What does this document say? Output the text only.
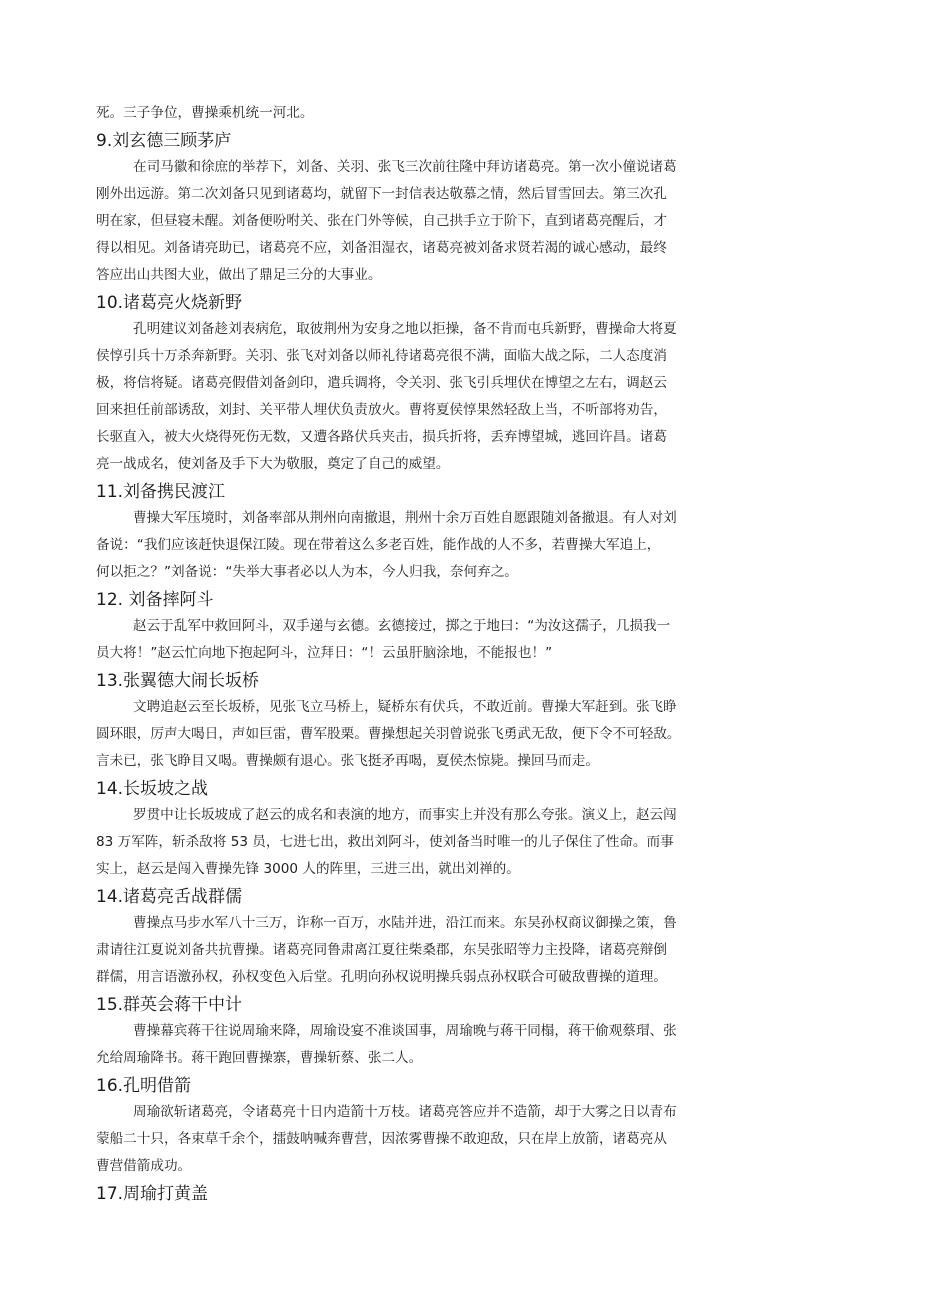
死。三子争位，曹操乘机统一河北。
9.刘玄德三顾茅庐
在司马徽和徐庶的举荐下，刘备、关羽、张飞三次前往隆中拜访诸葛亮。第一次小僮说诸葛
刚外出远游。第二次刘备只见到诸葛均，就留下一封信表达敬慕之情，然后冒雪回去。第三次孔
明在家，但昼寝未醒。刘备便吩咐关、张在门外等候，自己拱手立于阶下，直到诸葛亮醒后，才
得以相见。刘备请亮助已，诸葛亮不应，刘备泪湿衣，诸葛亮被刘备求贤若渴的诚心感动，最终
答应出山共图大业，做出了鼎足三分的大事业。
10.诸葛亮火烧新野
孔明建议刘备趁刘表病危，取彼荆州为安身之地以拒操，备不肯而屯兵新野，曹操命大将夏
侯惇引兵十万杀奔新野。关羽、张飞对刘备以师礼待诸葛亮很不满，面临大战之际，二人态度消
极，将信将疑。诸葛亮假借刘备剑印，遣兵调将，令关羽、张飞引兵埋伏在博望之左右，调赵云
回来担任前部诱敌，刘封、关平带人埋伏负责放火。曹将夏侯惇果然轻敌上当，不听部将劝告，
长驱直入，被大火烧得死伤无数，又遭各路伏兵夹击，损兵折将，丢弃博望城，逃回许昌。诸葛
亮一战成名，使刘备及手下大为敬服，奠定了自己的威望。
11.刘备携民渡江
曹操大军压境时，刘备率部从荆州向南撤退，荆州十余万百姓自愿跟随刘备撤退。有人对刘
备说：“我们应该赶快退保江陵。现在带着这么多老百姓，能作战的人不多，若曹操大军追上，
何以拒之？”刘备说：“失举大事者必以人为本，今人归我，奈何弃之。
12. 刘备摔阿斗
赵云于乱军中救回阿斗，双手递与玄德。玄德接过，掷之于地曰：“为汝这孺子，几损我一
员大将！”赵云忙向地下抱起阿斗，泣拜日：“！云虽肝脑涂地，不能报也！”
13.张翼德大闹长坂桥
文聘追赵云至长坂桥，见张飞立马桥上，疑桥东有伏兵，不敢近前。曹操大军赶到。张飞睁
圆环眼，厉声大喝日，声如巨雷，曹军股栗。曹操想起关羽曾说张飞勇武无敌，便下令不可轻敌。
言未已，张飞睁目又喝。曹操颇有退心。张飞挺矛再喝，夏侯杰惊毙。操回马而走。
14.长坂坡之战
罗贯中让长坂坡成了赵云的成名和表演的地方，而事实上并没有那么夸张。演义上，赵云闯
83 万军阵，斩杀敌将 53 员，七进七出，救出刘阿斗，使刘备当时唯一的儿子保住了性命。而事
实上，赵云是闯入曹操先锋 3000 人的阵里，三进三出，就出刘禅的。
14.诸葛亮舌战群儒
曹操点马步水军八十三万，诈称一百万，水陆并进，沿江而来。东吴孙权商议御操之策，鲁
肃请往江夏说刘备共抗曹操。诸葛亮同鲁肃离江夏往柴桑郡，东吴张昭等力主投降，诸葛亮辩倒
群儒，用言语激孙权，孙权变色入后堂。孔明向孙权说明操兵弱点孙权联合可破敌曹操的道理。
15.群英会蒋干中计
曹操幕宾蒋干往说周瑜来降，周瑜设宴不准谈国事，周瑜晚与蒋干同榻，蒋干偷观蔡瑁、张
允给周瑜降书。蒋干跑回曹操寨，曹操斩蔡、张二人。
16.孔明借箭
周瑜欲斩诸葛亮，令诸葛亮十日内造箭十万枝。诸葛亮答应并不造箭，却于大雾之日以青布
蒙船二十只，各束草千余个，擂鼓呐喊奔曹营，因浓雾曹操不敢迎敌，只在岸上放箭，诸葛亮从
曹营借箭成功。
17.周瑜打黄盖
